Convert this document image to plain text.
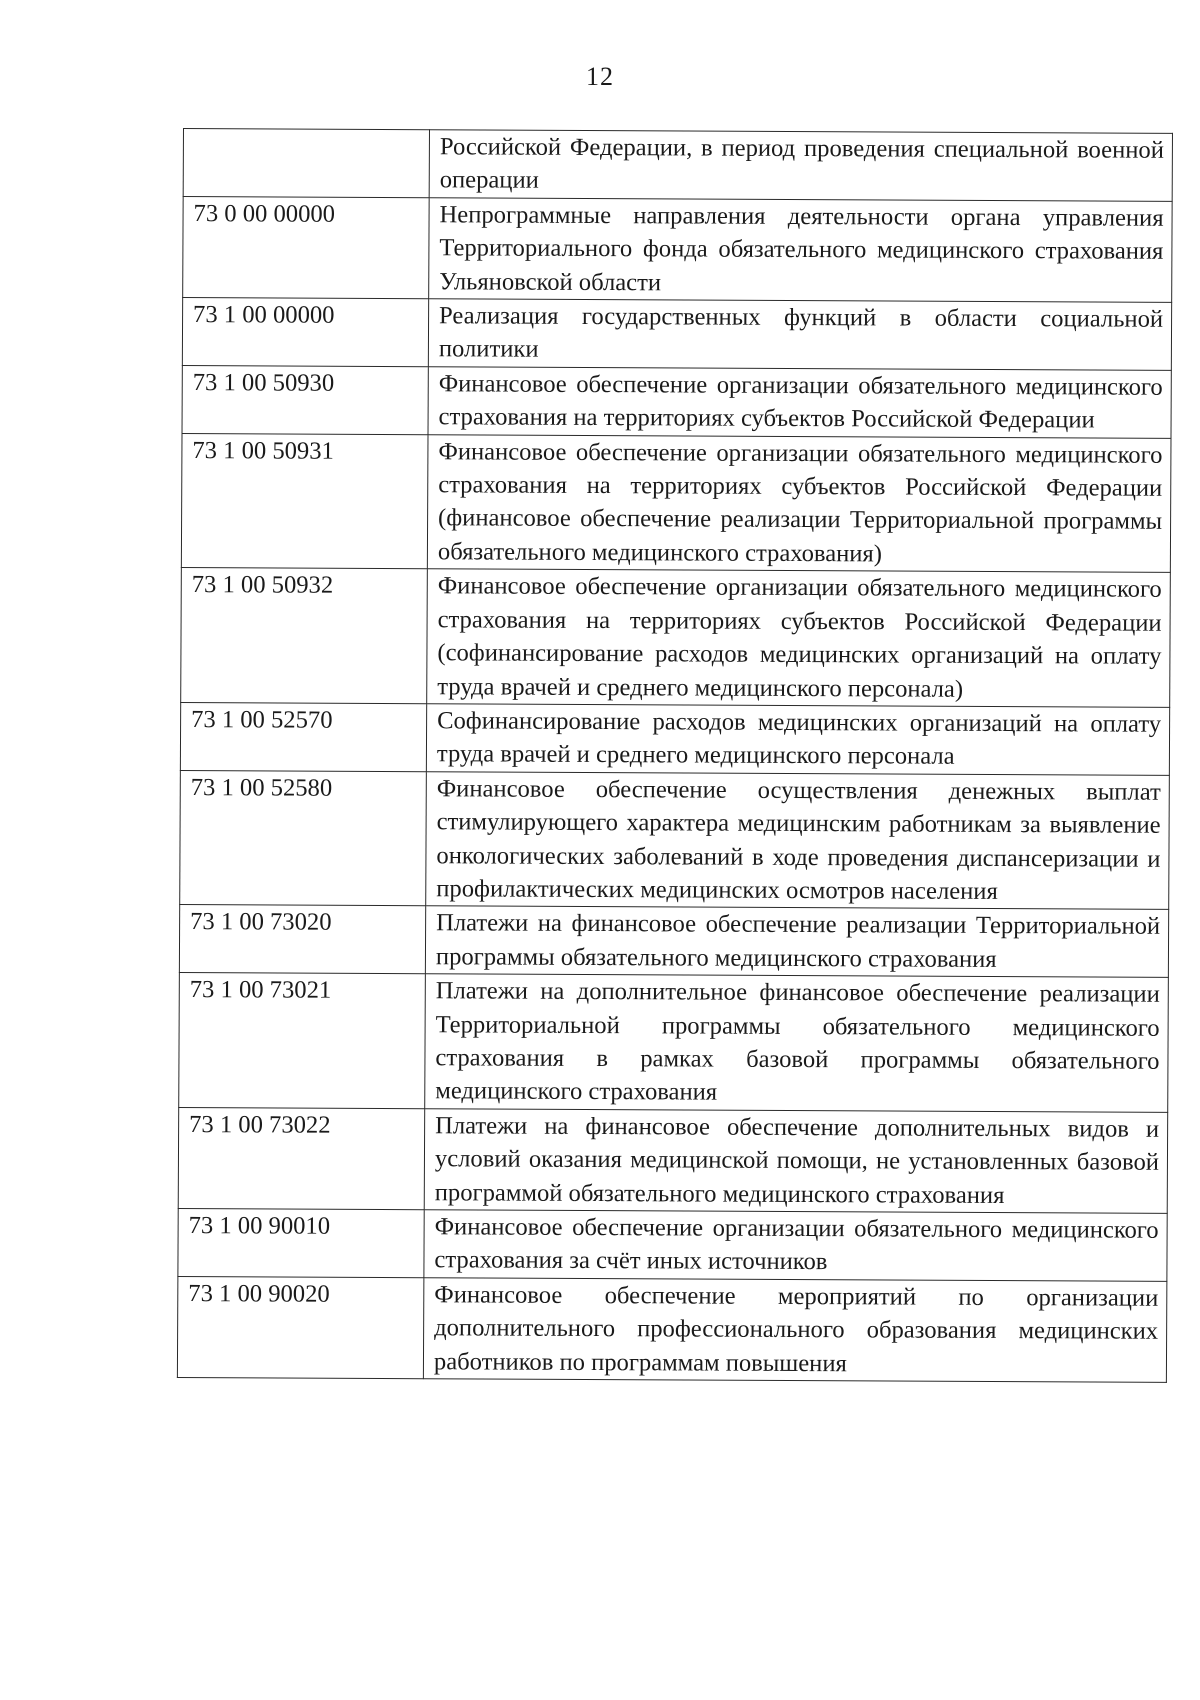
12
	Российской Федерации, в период проведения специальной военной операции
73 0 00 00000	Непрограммные направления деятельности органа управления Территориального фонда обязательного медицинского страхования Ульяновской области
73 1 00 00000	Реализация государственных функций в области социальной политики
73 1 00 50930	Финансовое обеспечение организации обязательного медицинского страхования на территориях субъектов Российской Федерации
73 1 00 50931	Финансовое обеспечение организации обязательного медицинского страхования на территориях субъектов Российской Федерации (финансовое обеспечение реализации Территориальной программы обязательного медицинского страхования)
73 1 00 50932	Финансовое обеспечение организации обязательного медицинского страхования на территориях субъектов Российской Федерации (софинансирование расходов медицинских организаций на оплату труда врачей и среднего медицинского персонала)
73 1 00 52570	Софинансирование расходов медицинских организаций на оплату труда врачей и среднего медицинского персонала
73 1 00 52580	Финансовое обеспечение осуществления денежных выплат стимулирующего характера медицинским работникам за выявление онкологических заболеваний в ходе проведения диспансеризации и профилактических медицинских осмотров населения
73 1 00 73020	Платежи на финансовое обеспечение реализации Территориальной программы обязательного медицинского страхования
73 1 00 73021	Платежи на дополнительное финансовое обеспечение реализации Территориальной программы обязательного медицинского страхования в рамках базовой программы обязательного медицинского страхования
73 1 00 73022	Платежи на финансовое обеспечение дополнительных видов и условий оказания медицинской помощи, не установленных базовой программой обязательного медицинского страхования
73 1 00 90010	Финансовое обеспечение организации обязательного медицинского страхования за счёт иных источников
73 1 00 90020	Финансовое обеспечение мероприятий по организации дополнительного профессионального образования медицинских работников по программам повышения
